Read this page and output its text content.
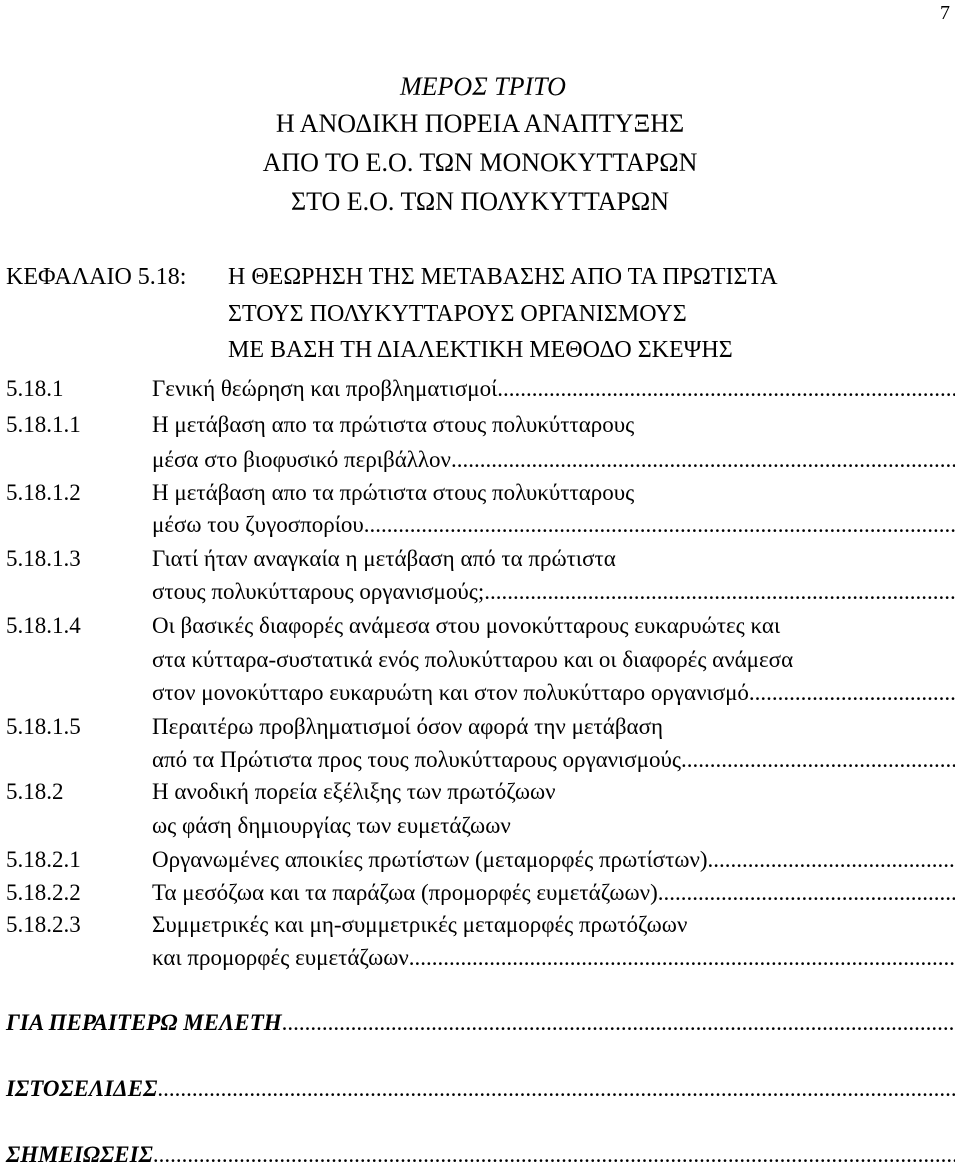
7
ΜΕΡΟΣ ΤΡΙΤΟ
Η ΑΝΟΔΙΚΗ ΠΟΡΕΙΑ ΑΝΑΠΤΥΞΗΣ
ΑΠΟ ΤΟ Ε.Ο. ΤΩΝ ΜΟΝΟΚΥΤΤΑΡΩΝ
ΣΤΟ Ε.Ο. ΤΩΝ ΠΟΛΥΚΥΤΤΑΡΩΝ
ΚΕΦΑΛΑΙΟ 5.18: Η ΘΕΩΡΗΣΗ ΤΗΣ ΜΕΤΑΒΑΣΗΣ ΑΠΟ ΤΑ ΠΡΩΤΙΣΤΑ
ΣΤΟΥΣ ΠΟΛΥΚΥΤΤΑΡΟΥΣ ΟΡΓΑΝΙΣΜΟΥΣ
ΜΕ ΒΑΣΗ ΤΗ ΔΙΑΛΕΚΤΙΚΗ ΜΕΘΟΔΟ ΣΚΕΨΗΣ
5.18.1	Γενική θεώρηση και προβληματισμοί.
.....
5.18.1.1	Η μετάβαση απο τα πρώτιστα στους πολυκύτταρους
μέσα στο βιοφυσικό περιβάλλον.
.....
5.18.1.2	Η μετάβαση απο τα πρώτιστα στους πολυκύτταρους
μέσω του ζυγοσπορίου.
.....
5.18.1.3	Γιατί ήταν αναγκαία η μετάβαση από τα πρώτιστα
στους πολυκύτταρους οργανισμούς;
.....
5.18.1.4	Οι βασικές διαφορές ανάμεσα στου μονοκύτταρους ευκαρυώτες και
στα κύτταρα-συστατικά ενός πολυκύτταρου και οι διαφορές ανάμεσα
στον μονοκύτταρο ευκαρυώτη και στον πολυκύτταρο οργανισμό.
.....
5.18.1.5	Περαιτέρω προβληματισμοί όσον αφορά την μετάβαση
από τα Πρώτιστα προς τους πολυκύτταρους οργανισμούς.
.....
5.18.2	Η ανοδική πορεία εξέλιξης των πρωτόζωων
ως φάση δημιουργίας των ευμετάζωων
5.18.2.1	Οργανωμένες αποικίες πρωτίστων (μεταμορφές πρωτίστων).
.....
5.18.2.2	Τα μεσόζωα και τα παράζωα (προμορφές ευμετάζωων)
.....
5.18.2.3	Συμμετρικές και μη-συμμετρικές μεταμορφές πρωτόζωων
και προμορφές ευμετάζωων.
.....
ΓΙΑ ΠΕΡΑΙΤΕΡΩ ΜΕΛΕΤΗ
.....
ΙΣΤΟΣΕΛΙΔΕΣ
.....
ΣΗΜΕΙΩΣΕΙΣ
.....
